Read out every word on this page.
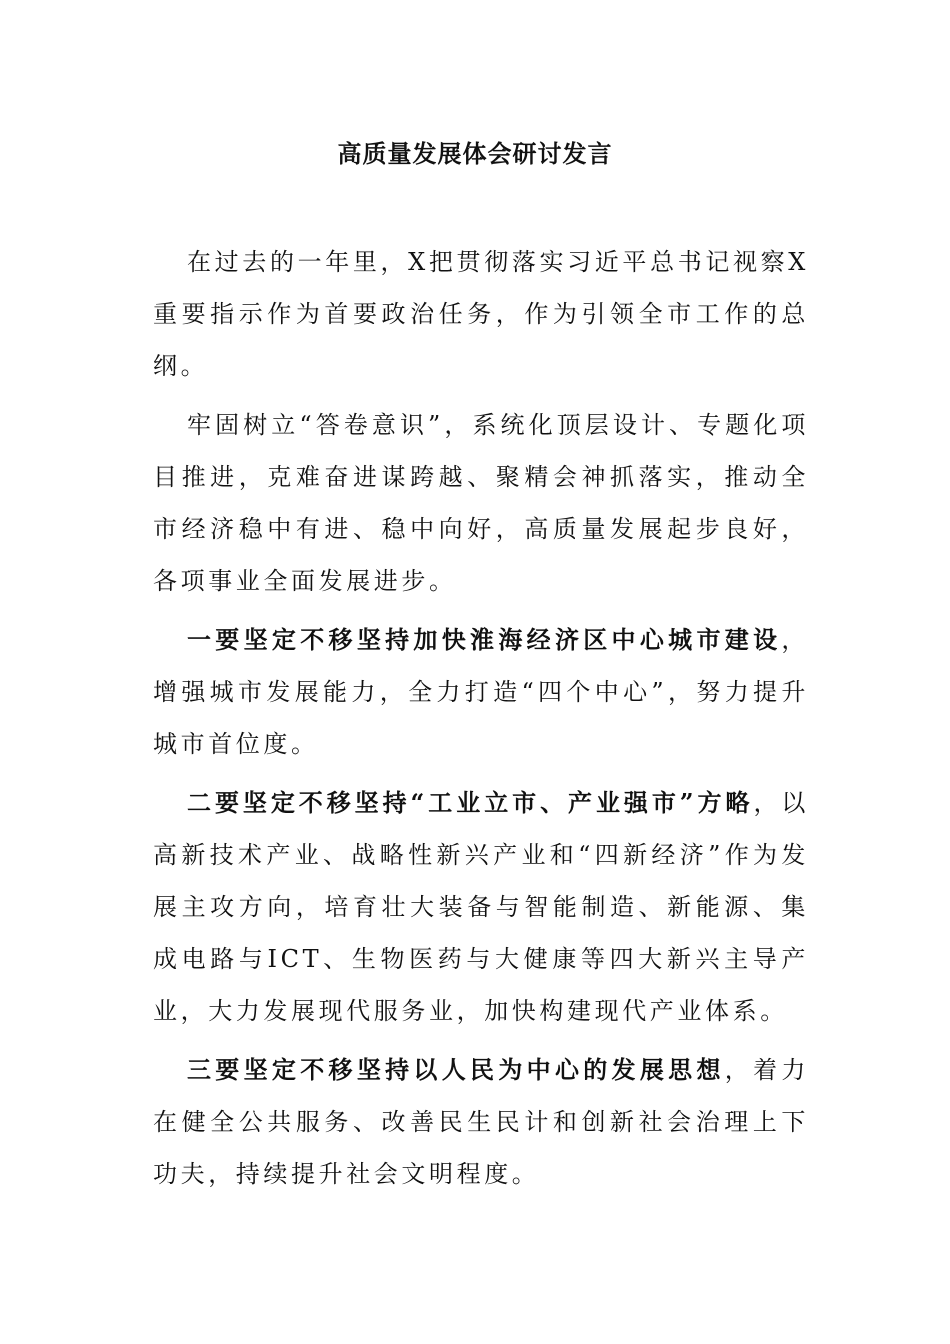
高质量发展体会研讨发言

在过去的一年里，X把贯彻落实习近平总书记视察X重要指示作为首要政治任务，作为引领全市工作的总纲。

牢固树立“答卷意识”，系统化顶层设计、专题化项目推进，克难奋进谋跨越、聚精会神抓落实，推动全市经济稳中有进、稳中向好，高质量发展起步良好，各项事业全面发展进步。

一要坚定不移坚持加快淮海经济区中心城市建设，增强城市发展能力，全力打造“四个中心”，努力提升城市首位度。

二要坚定不移坚持“工业立市、产业强市”方略，以高新技术产业、战略性新兴产业和“四新经济”作为发展主攻方向，培育壮大装备与智能制造、新能源、集成电路与ICT、生物医药与大健康等四大新兴主导产业，大力发展现代服务业，加快构建现代产业体系。

三要坚定不移坚持以人民为中心的发展思想，着力在健全公共服务、改善民生民计和创新社会治理上下功夫，持续提升社会文明程度。
